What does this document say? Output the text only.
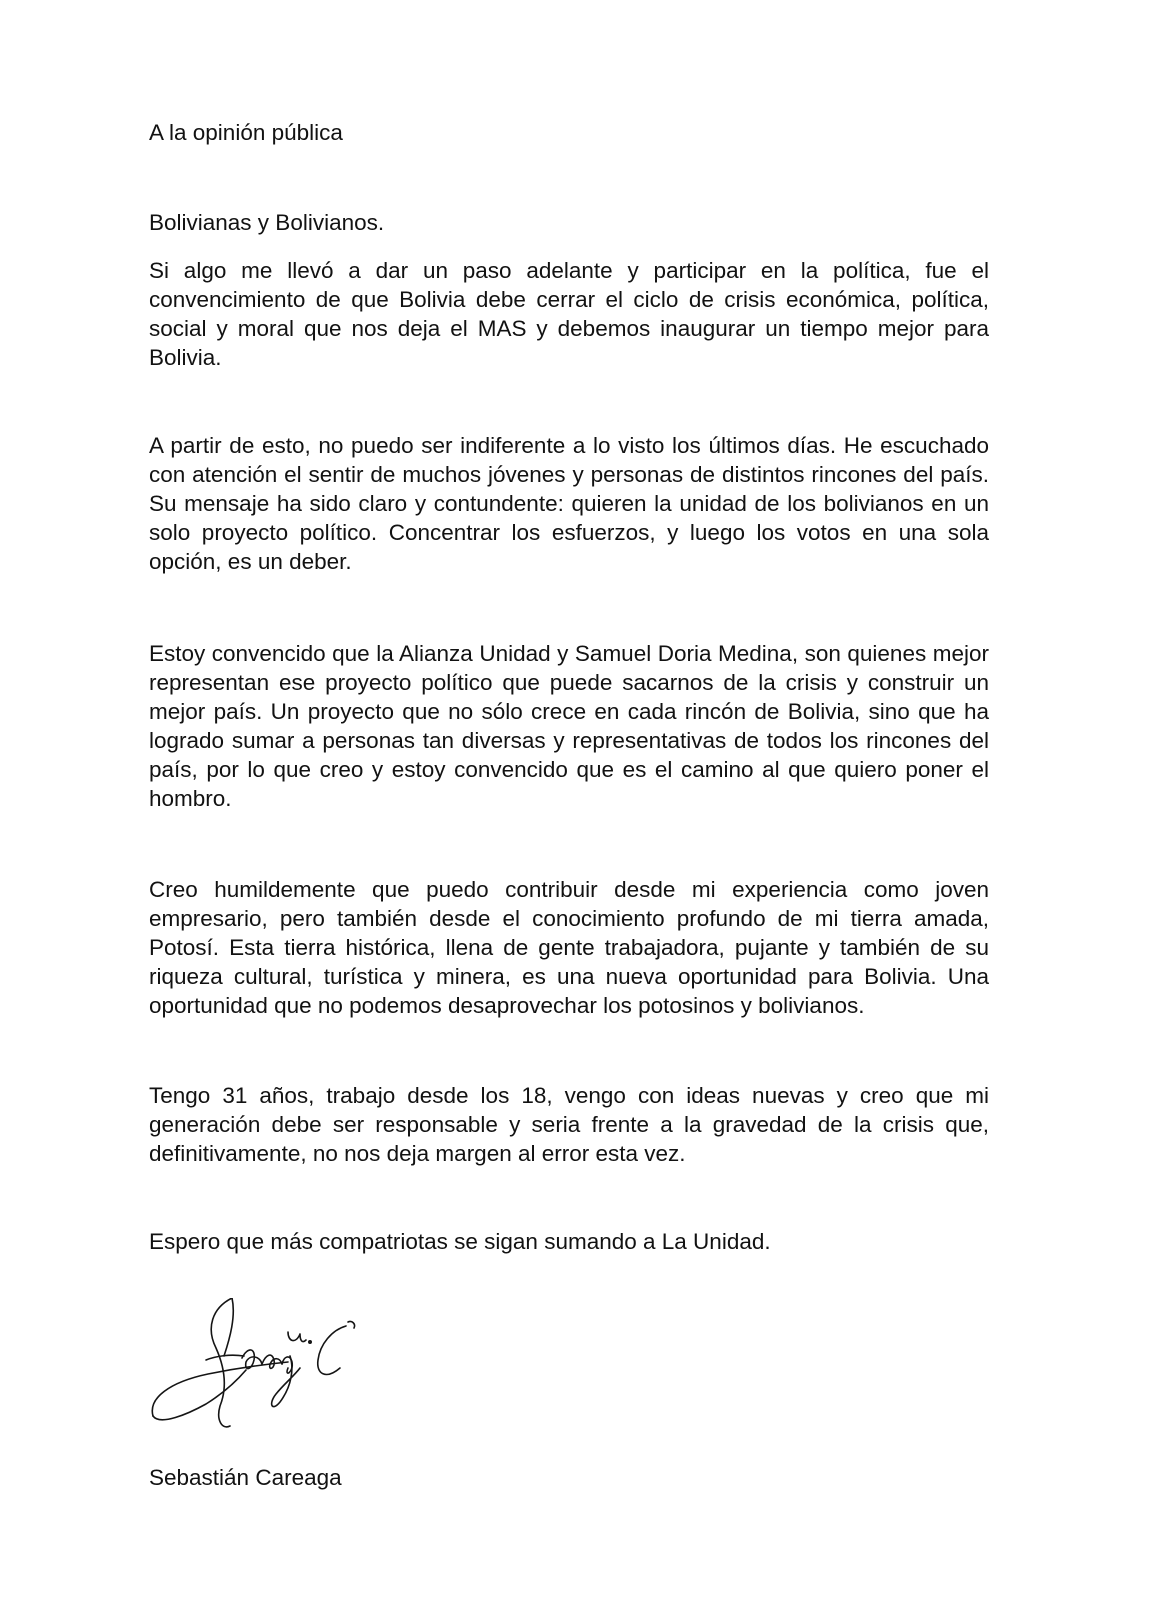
A la opinión pública

Bolivianas y Bolivianos.

Si algo me llevó a dar un paso adelante y participar en la política, fue el convencimiento de que Bolivia debe cerrar el ciclo de crisis económica, política, social y moral que nos deja el MAS y debemos inaugurar un tiempo mejor para Bolivia.

A partir de esto, no puedo ser indiferente a lo visto los últimos días. He escuchado con atención el sentir de muchos jóvenes y personas de distintos rincones del país. Su mensaje ha sido claro y contundente: quieren la unidad de los bolivianos en un solo proyecto político. Concentrar los esfuerzos, y luego los votos en una sola opción, es un deber.

Estoy convencido que la Alianza Unidad y Samuel Doria Medina, son quienes mejor representan ese proyecto político que puede sacarnos de la crisis y construir un mejor país. Un proyecto que no sólo crece en cada rincón de Bolivia, sino que ha logrado sumar a personas tan diversas y representativas de todos los rincones del país, por lo que creo y estoy convencido que es el camino al que quiero poner el hombro.

Creo humildemente que puedo contribuir desde mi experiencia como joven empresario, pero también desde el conocimiento profundo de mi tierra amada, Potosí. Esta tierra histórica, llena de gente trabajadora, pujante y también de su riqueza cultural, turística y minera, es una nueva oportunidad para Bolivia. Una oportunidad que no podemos desaprovechar los potosinos y bolivianos.

Tengo 31 años, trabajo desde los 18, vengo con ideas nuevas y creo que mi generación debe ser responsable y seria frente a la gravedad de la crisis que, definitivamente, no nos deja margen al error esta vez.

Espero que más compatriotas se sigan sumando a La Unidad.

Sebastián Careaga
